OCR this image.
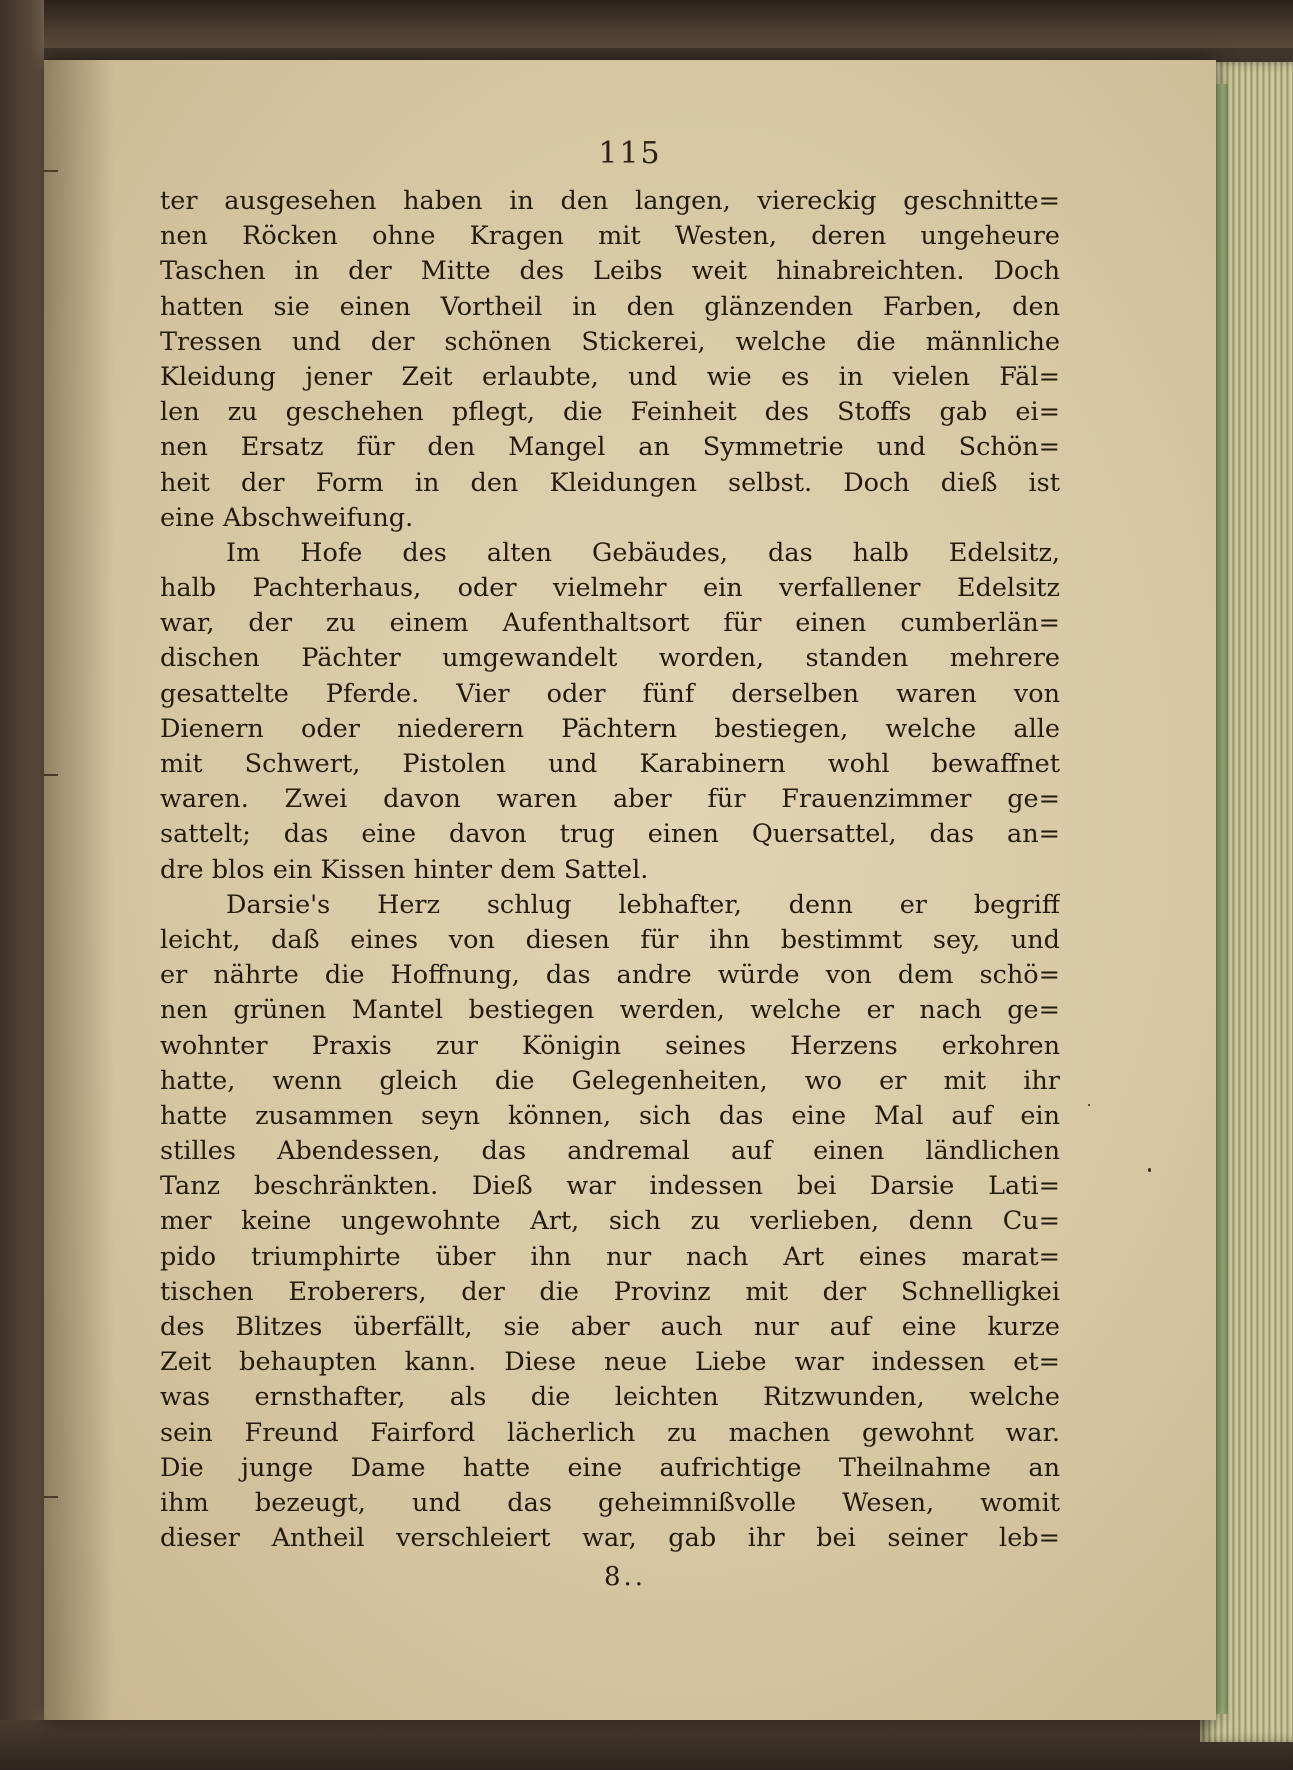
115
ter ausgesehen haben in den langen, viereckig geschnitte=
nen Röcken ohne Kragen mit Westen, deren ungeheure
Taschen in der Mitte des Leibs weit hinabreichten. Doch
hatten sie einen Vortheil in den glänzenden Farben, den
Tressen und der schönen Stickerei, welche die männliche
Kleidung jener Zeit erlaubte, und wie es in vielen Fäl=
len zu geschehen pflegt, die Feinheit des Stoffs gab ei=
nen Ersatz für den Mangel an Symmetrie und Schön=
heit der Form in den Kleidungen selbst. Doch dieß ist
eine Abschweifung.
Im Hofe des alten Gebäudes, das halb Edelsitz,
halb Pachterhaus, oder vielmehr ein verfallener Edelsitz
war, der zu einem Aufenthaltsort für einen cumberlän=
dischen Pächter umgewandelt worden, standen mehrere
gesattelte Pferde. Vier oder fünf derselben waren von
Dienern oder niederern Pächtern bestiegen, welche alle
mit Schwert, Pistolen und Karabinern wohl bewaffnet
waren. Zwei davon waren aber für Frauenzimmer ge=
sattelt; das eine davon trug einen Quersattel, das an=
dre blos ein Kissen hinter dem Sattel.
Darsie's Herz schlug lebhafter, denn er begriff
leicht, daß eines von diesen für ihn bestimmt sey, und
er nährte die Hoffnung, das andre würde von dem schö=
nen grünen Mantel bestiegen werden, welche er nach ge=
wohnter Praxis zur Königin seines Herzens erkohren
hatte, wenn gleich die Gelegenheiten, wo er mit ihr
hatte zusammen seyn können, sich das eine Mal auf ein
stilles Abendessen, das andremal auf einen ländlichen
Tanz beschränkten. Dieß war indessen bei Darsie Lati=
mer keine ungewohnte Art, sich zu verlieben, denn Cu=
pido triumphirte über ihn nur nach Art eines marat=
tischen Eroberers, der die Provinz mit der Schnelligkei
des Blitzes überfällt, sie aber auch nur auf eine kurze
Zeit behaupten kann. Diese neue Liebe war indessen et=
was ernsthafter, als die leichten Ritzwunden, welche
sein Freund Fairford lächerlich zu machen gewohnt war.
Die junge Dame hatte eine aufrichtige Theilnahme an
ihm bezeugt, und das geheimnißvolle Wesen, womit
dieser Antheil verschleiert war, gab ihr bei seiner leb=
8..
